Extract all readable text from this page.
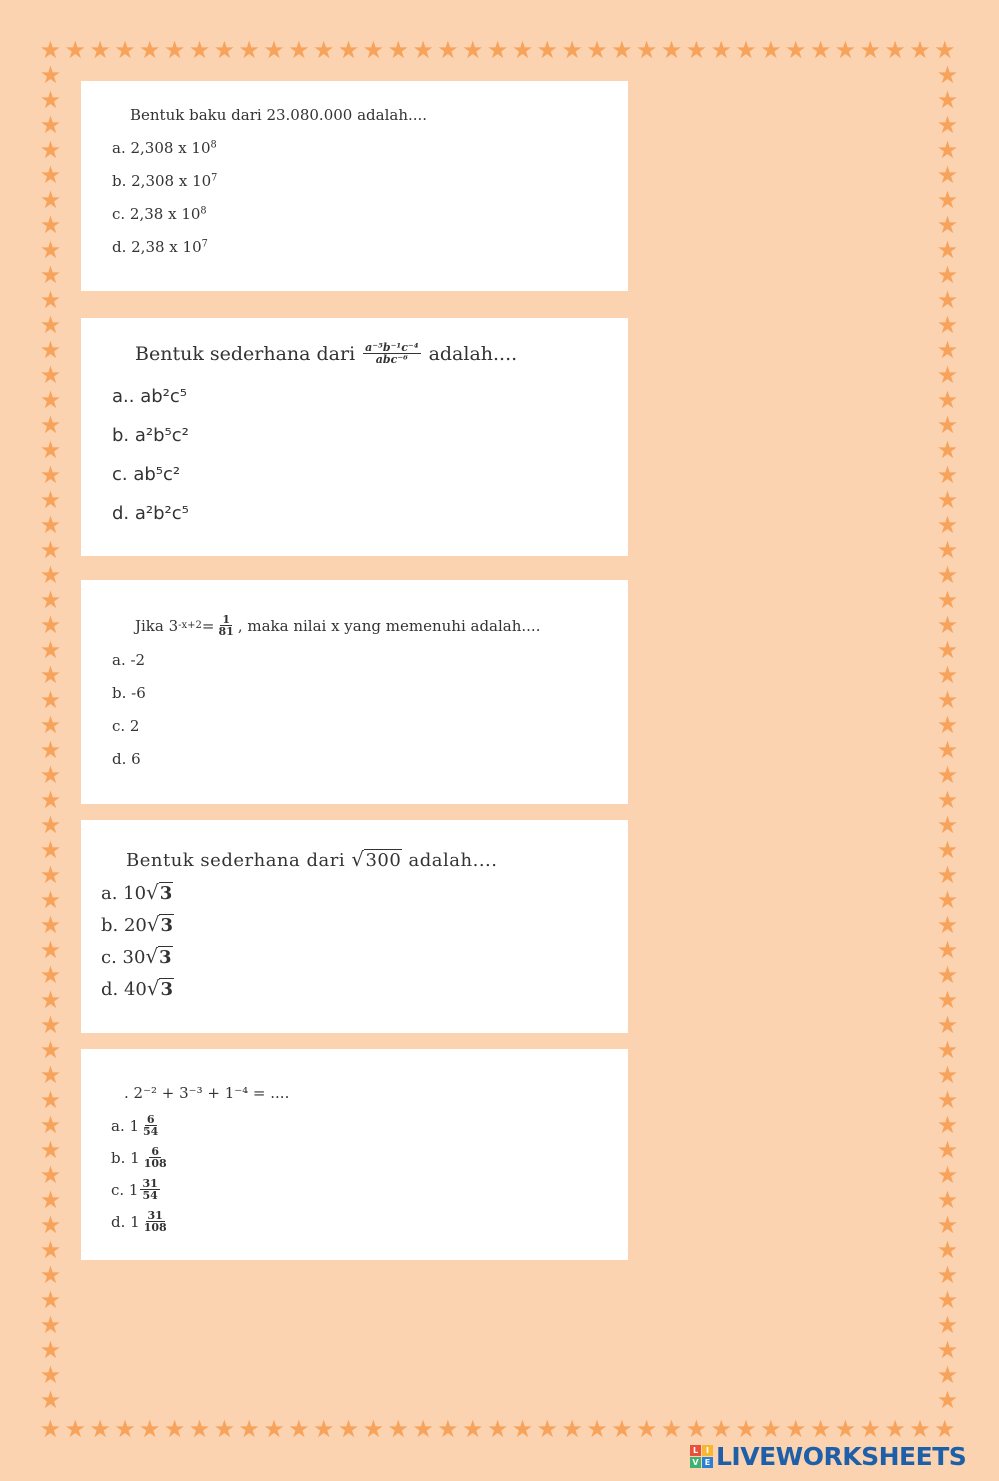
★ ★ ★ ★ ★ ★ ★ ★ ★ ★ ★ ★ ★ ★ ★ ★ ★ ★ ★ ★ ★ ★ ★ ★ ★ ★ ★ ★ ★ ★ ★ ★ ★ ★ ★ ★ ★
★ ★ ★ ★ ★ ★ ★ ★ ★ ★ ★ ★ ★ ★ ★ ★ ★ ★ ★ ★ ★ ★ ★ ★ ★ ★ ★ ★ ★ ★ ★ ★ ★ ★ ★ ★ ★
★
★
★
★
★
★
★
★
★
★
★
★
★
★
★
★
★
★
★
★
★
★
★
★
★
★
★
★
★
★
★
★
★
★
★
★
★
★
★
★
★
★
★
★
★
★
★
★
★
★
★
★
★
★
★
★
★
★
★
★
★
★
★
★
★
★
★
★
★
★
★
★
★
★
★
★
★
★
★
★
★
★
★
★
★
★
★
★
★
★
★
★
★
★
★
★
★
★
★
★
★
★
★
★
★
★
★
★
Bentuk baku dari 23.080.000 adalah....
a. 2,308 x $10^8$
b. 2,308 x $10^7$
c. 2,38 x $10^8$
d. 2,38 x $10^7$
Bentuk sederhana dari $\frac{\text{a⁻⁵b⁻¹c⁻⁴}}{\text{abc⁻⁶}}$ adalah....
a.. ab²c⁵
b. a²b⁵c²
c. ab⁵c²
d. a²b²c⁵
Jika 3 $-x+2 = \frac{1}{81}$ , maka nilai x yang memenuhi adalah....
a. -2
b. -6
c. 2
d. 6
Bentuk sederhana dari √300 adalah....
a. 10√3
b. 20√3
c. 30√3
d. 40√3
. 2⁻² + 3⁻³ + 1⁻⁴ = ....
a. $1 \frac{6}{54}$
b. $1 \frac{6}{108}$
c. $1 \frac{31}{54}$
d. $1 \frac{31}{108}$
L I
V E LIVEWORKSHEETS
